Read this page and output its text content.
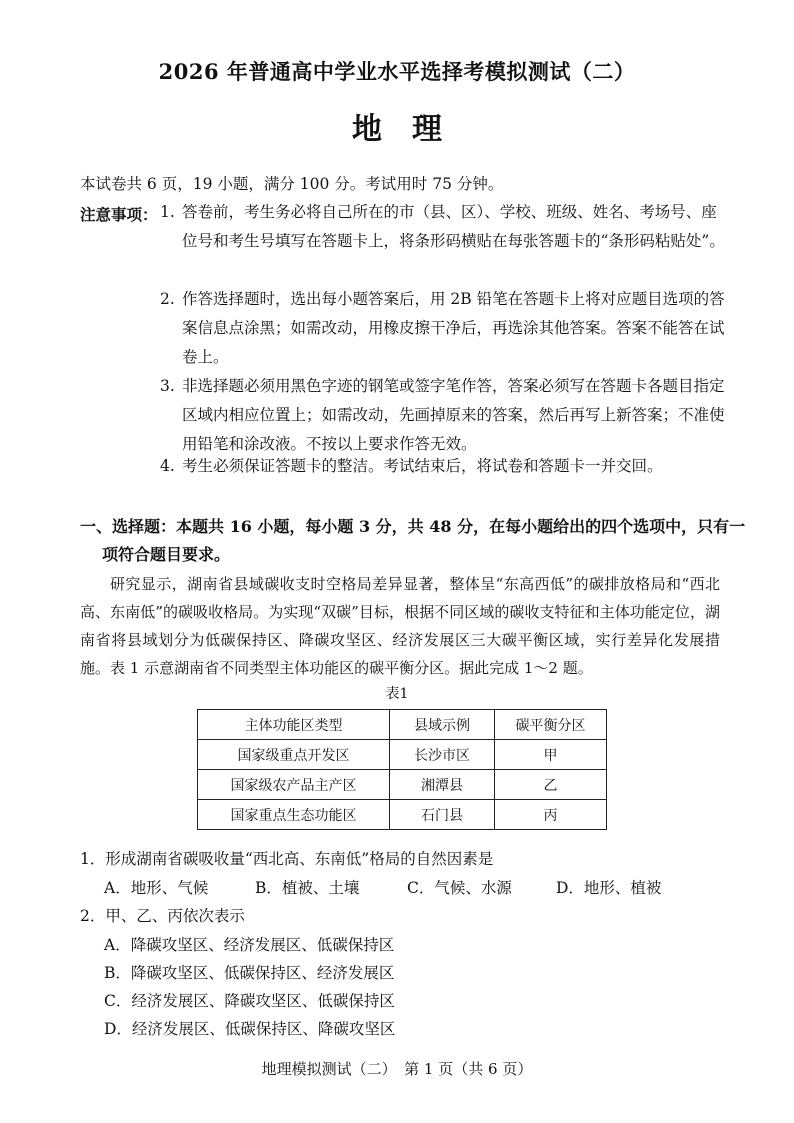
2026 年普通高中学业水平选择考模拟测试（二）
地理
本试卷共 6 页，19 小题，满分 100 分。考试用时 75 分钟。
注意事项： 1. 答卷前，考生务必将自己所在的市（县、区）、学校、班级、姓名、考场号、座位号和考生号填写在答题卡上，将条形码横贴在每张答题卡的“条形码粘贴处”。
2. 作答选择题时，选出每小题答案后，用 2B 铅笔在答题卡上将对应题目选项的答案信息点涂黑；如需改动，用橡皮擦干净后，再选涂其他答案。答案不能答在试卷上。
3. 非选择题必须用黑色字迹的钢笔或签字笔作答，答案必须写在答题卡各题目指定区域内相应位置上；如需改动，先画掉原来的答案，然后再写上新答案；不准使用铅笔和涂改液。不按以上要求作答无效。
4. 考生必须保证答题卡的整洁。考试结束后，将试卷和答题卡一并交回。
一、选择题：本题共 16 小题，每小题 3 分，共 48 分，在每小题给出的四个选项中，只有一
项符合题目要求。
研究显示，湖南省县域碳收支时空格局差异显著，整体呈“东高西低”的碳排放格局和“西北高、东南低”的碳吸收格局。为实现“双碳”目标，根据不同区域的碳收支特征和主体功能定位，湖南省将县域划分为低碳保持区、降碳攻坚区、经济发展区三大碳平衡区域，实行差异化发展措施。表 1 示意湖南省不同类型主体功能区的碳平衡分区。据此完成 1～2 题。
表1
主体功能区类型	县域示例	碳平衡分区
国家级重点开发区	长沙市区	甲
国家级农产品主产区	湘潭县	乙
国家重点生态功能区	石门县	丙
1．形成湖南省碳吸收量“西北高、东南低”格局的自然因素是
A．地形、气候	B．植被、土壤	C．气候、水源	D．地形、植被
2．甲、乙、丙依次表示
A．降碳攻坚区、经济发展区、低碳保持区
B．降碳攻坚区、低碳保持区、经济发展区
C．经济发展区、降碳攻坚区、低碳保持区
D．经济发展区、低碳保持区、降碳攻坚区
地理模拟测试（二）　第 1 页（共 6 页）
